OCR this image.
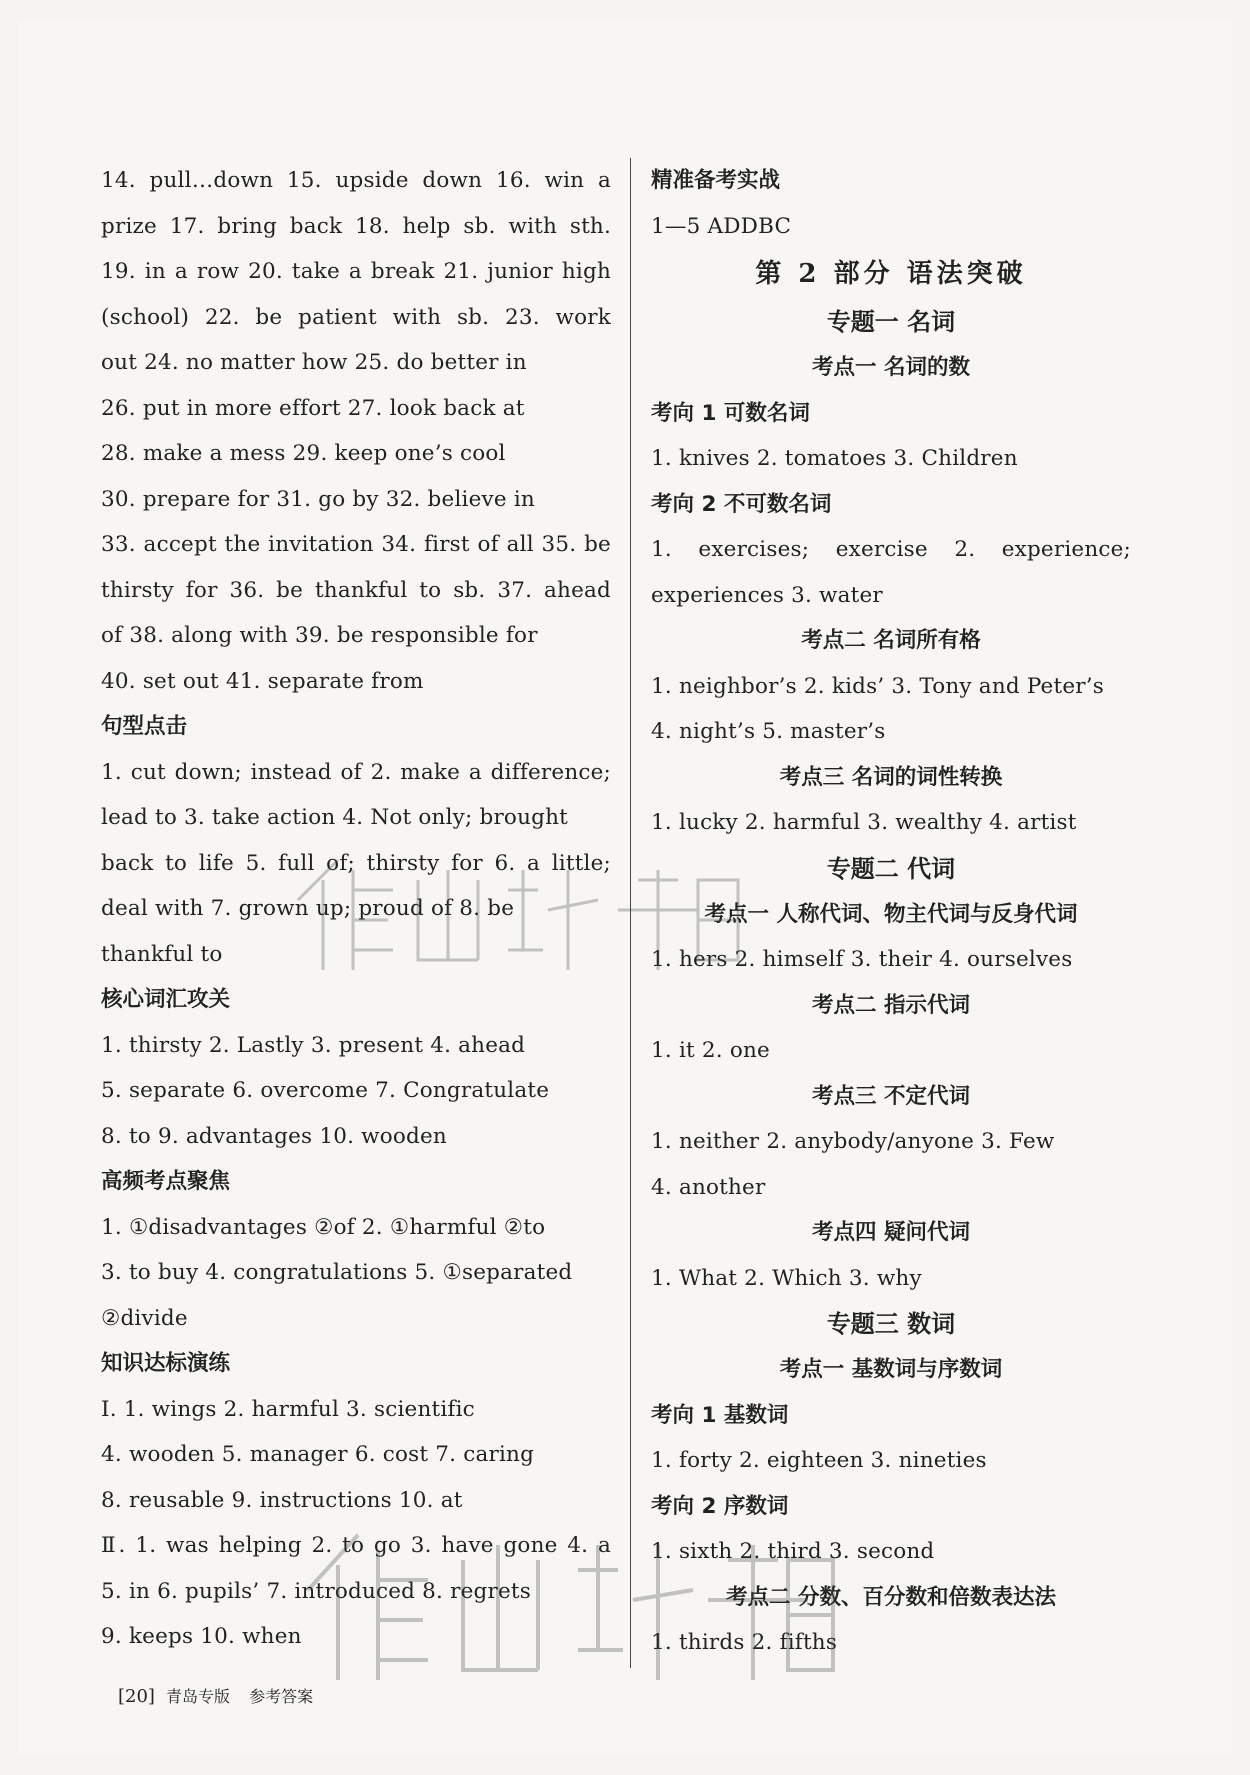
14. pull…down 15. upside down 16. win a
prize 17. bring back 18. help sb. with sth.
19. in a row 20. take a break 21. junior high
(school) 22. be patient with sb. 23. work
out 24. no matter how 25. do better in
26. put in more effort 27. look back at
28. make a mess 29. keep one’s cool
30. prepare for 31. go by 32. believe in
33. accept the invitation 34. first of all 35. be
thirsty for 36. be thankful to sb. 37. ahead
of 38. along with 39. be responsible for
40. set out 41. separate from
句型点击
1. cut down; instead of 2. make a difference;
lead to 3. take action 4. Not only; brought
back to life 5. full of; thirsty for 6. a little;
deal with 7. grown up; proud of 8. be
thankful to
核心词汇攻关
1. thirsty 2. Lastly 3. present 4. ahead
5. separate 6. overcome 7. Congratulate
8. to 9. advantages 10. wooden
高频考点聚焦
1. ①disadvantages ②of 2. ①harmful ②to
3. to buy 4. congratulations 5. ①separated
②divide
知识达标演练
Ⅰ. 1. wings 2. harmful 3. scientific
4. wooden 5. manager 6. cost 7. caring
8. reusable 9. instructions 10. at
Ⅱ. 1. was helping 2. to go 3. have gone 4. a
5. in 6. pupils’ 7. introduced 8. regrets
9. keeps 10. when
精准备考实战
1—5 ADDBC
第 2 部分 语法突破
专题一 名词
考点一 名词的数
考向 1 可数名词
1. knives 2. tomatoes 3. Children
考向 2 不可数名词
1. exercises; exercise 2. experience;
experiences 3. water
考点二 名词所有格
1. neighbor’s 2. kids’ 3. Tony and Peter’s
4. night’s 5. master’s
考点三 名词的词性转换
1. lucky 2. harmful 3. wealthy 4. artist
专题二 代词
考点一 人称代词、物主代词与反身代词
1. hers 2. himself 3. their 4. ourselves
考点二 指示代词
1. it 2. one
考点三 不定代词
1. neither 2. anybody/anyone 3. Few
4. another
考点四 疑问代词
1. What 2. Which 3. why
专题三 数词
考点一 基数词与序数词
考向 1 基数词
1. forty 2. eighteen 3. nineties
考向 2 序数词
1. sixth 2. third 3. second
考点二 分数、百分数和倍数表达法
1. thirds 2. fifths
[20] 青岛专版 参考答案
